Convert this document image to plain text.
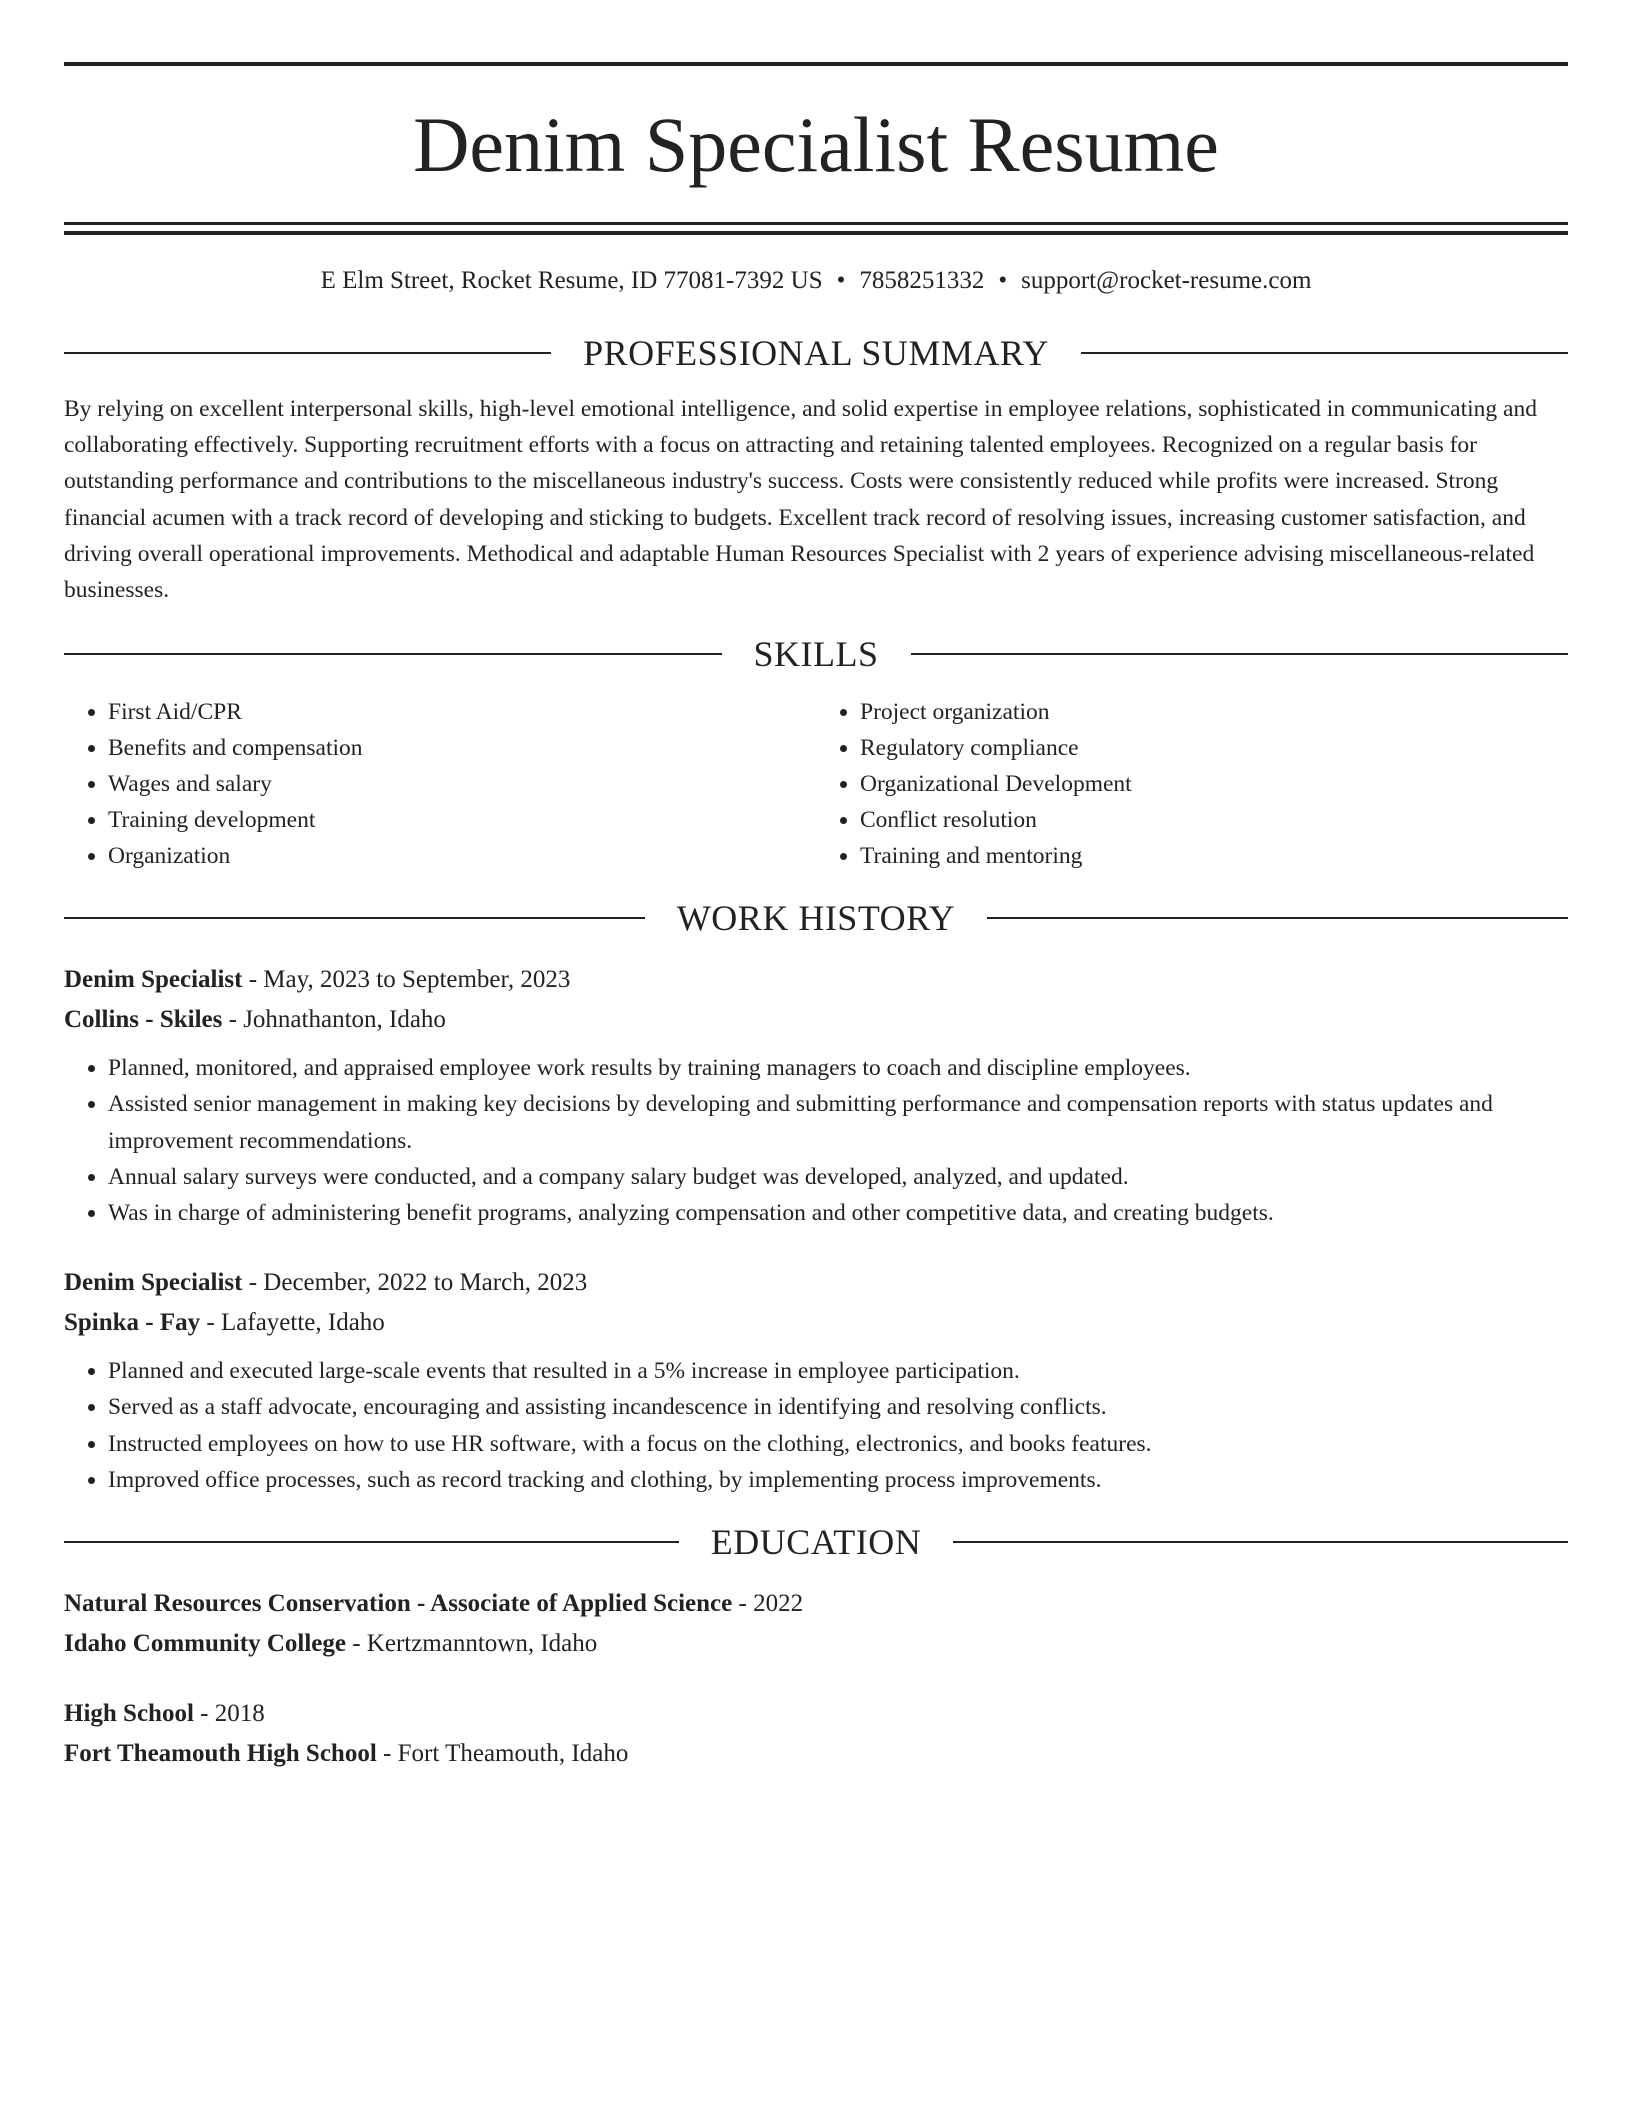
Denim Specialist Resume
E Elm Street, Rocket Resume, ID 77081-7392 US • 7858251332 • support@rocket-resume.com
PROFESSIONAL SUMMARY

By relying on excellent interpersonal skills, high-level emotional intelligence, and solid expertise in employee relations, sophisticated in communicating and collaborating effectively. Supporting recruitment efforts with a focus on attracting and retaining talented employees. Recognized on a regular basis for outstanding performance and contributions to the miscellaneous industry's success. Costs were consistently reduced while profits were increased. Strong financial acumen with a track record of developing and sticking to budgets. Excellent track record of resolving issues, increasing customer satisfaction, and driving overall operational improvements. Methodical and adaptable Human Resources Specialist with 2 years of experience advising miscellaneous-related businesses.

SKILLS
• First Aid/CPR
• Benefits and compensation
• Wages and salary
• Training development
• Organization
• Project organization
• Regulatory compliance
• Organizational Development
• Conflict resolution
• Training and mentoring
WORK HISTORY
Denim Specialist - May, 2023 to September, 2023
Collins - Skiles - Johnathanton, Idaho
• Planned, monitored, and appraised employee work results by training managers to coach and discipline employees.
• Assisted senior management in making key decisions by developing and submitting performance and compensation reports with status updates and improvement recommendations.
• Annual salary surveys were conducted, and a company salary budget was developed, analyzed, and updated.
• Was in charge of administering benefit programs, analyzing compensation and other competitive data, and creating budgets.
Denim Specialist - December, 2022 to March, 2023
Spinka - Fay - Lafayette, Idaho
• Planned and executed large-scale events that resulted in a 5% increase in employee participation.
• Served as a staff advocate, encouraging and assisting incandescence in identifying and resolving conflicts.
• Instructed employees on how to use HR software, with a focus on the clothing, electronics, and books features.
• Improved office processes, such as record tracking and clothing, by implementing process improvements.
EDUCATION
Natural Resources Conservation - Associate of Applied Science - 2022
Idaho Community College - Kertzmanntown, Idaho
High School - 2018
Fort Theamouth High School - Fort Theamouth, Idaho
